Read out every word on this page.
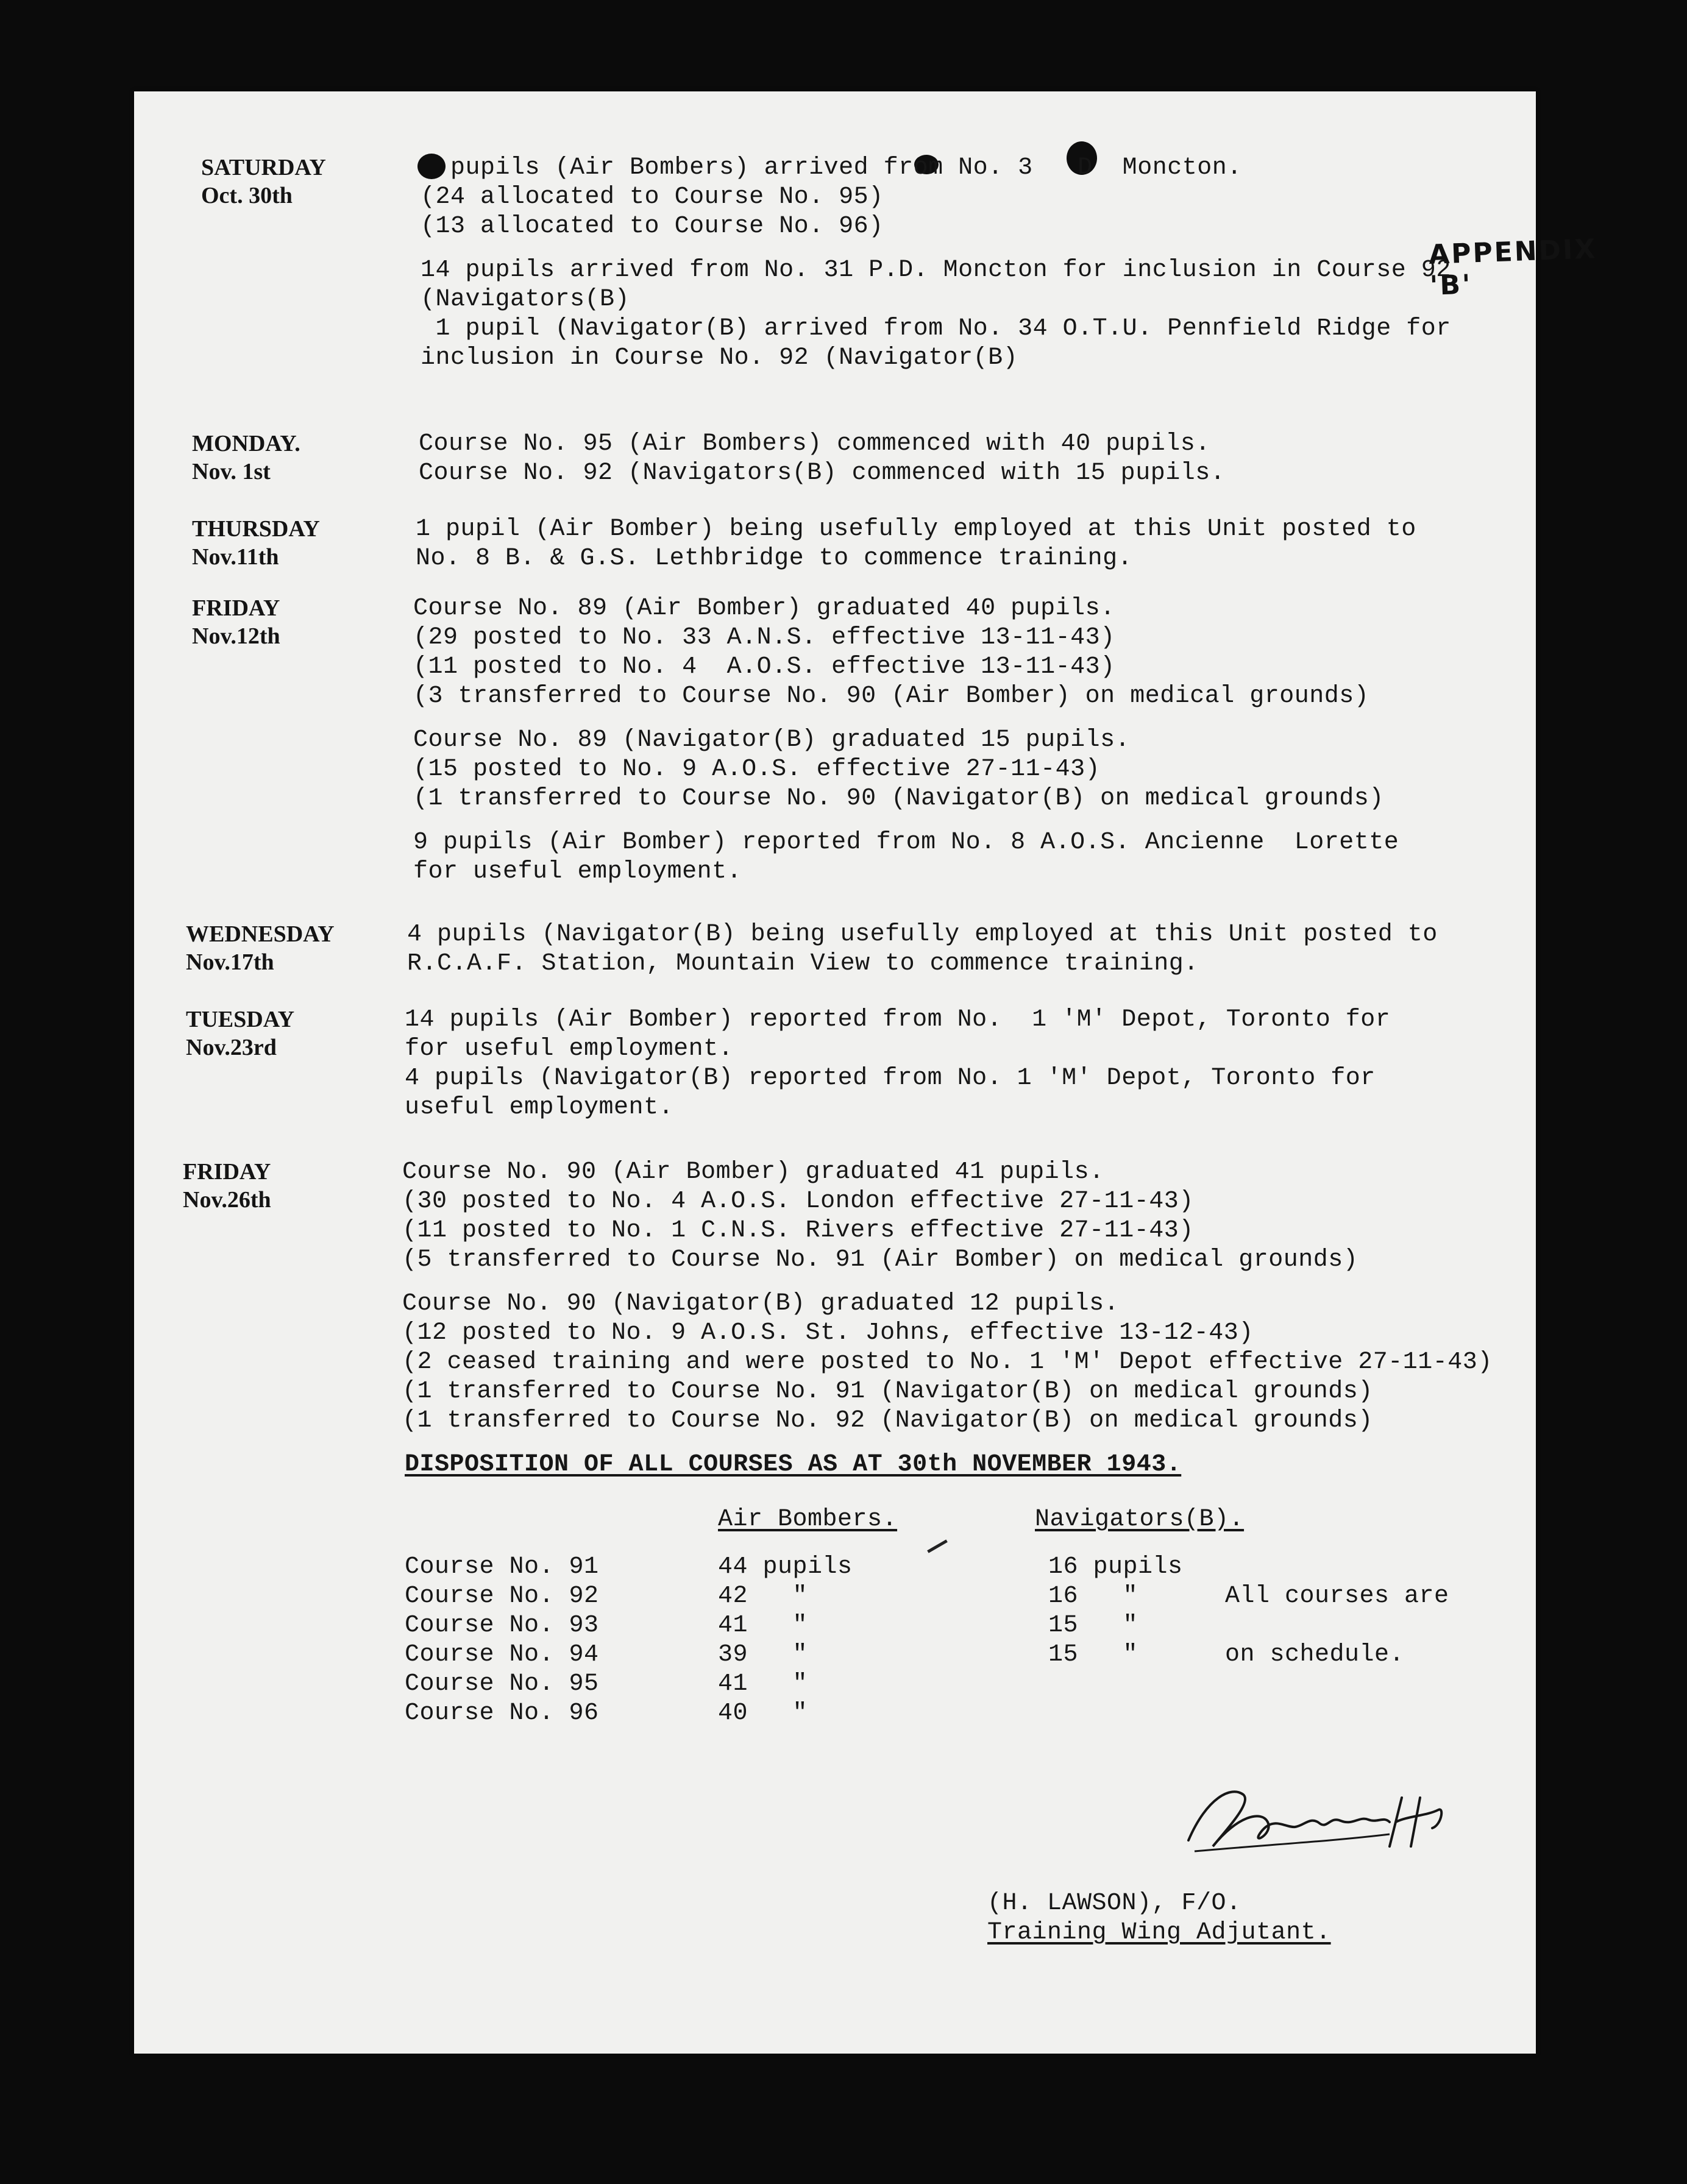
APPENDIX 'B'
SATURDAY
Oct. 30th
pupils (Air Bombers) arrived from No. 3   D  Moncton.
(24 allocated to Course No. 95)
(13 allocated to Course No. 96)
14 pupils arrived from No. 31 P.D. Moncton for inclusion in Course 92
(Navigators(B)
1 pupil (Navigator(B) arrived from No. 34 O.T.U. Pennfield Ridge for
inclusion in Course No. 92 (Navigator(B)
MONDAY.
Nov. 1st
Course No. 95 (Air Bombers) commenced with 40 pupils.
Course No. 92 (Navigators(B) commenced with 15 pupils.
THURSDAY
Nov.11th
1 pupil (Air Bomber) being usefully employed at this Unit posted to
No. 8 B. & G.S. Lethbridge to commence training.
FRIDAY
Nov.12th
Course No. 89 (Air Bomber) graduated 40 pupils.
(29 posted to No. 33 A.N.S. effective 13-11-43)
(11 posted to No. 4  A.O.S. effective 13-11-43)
(3 transferred to Course No. 90 (Air Bomber) on medical grounds)
Course No. 89 (Navigator(B) graduated 15 pupils.
(15 posted to No. 9 A.O.S. effective 27-11-43)
(1 transferred to Course No. 90 (Navigator(B) on medical grounds)
9 pupils (Air Bomber) reported from No. 8 A.O.S. Ancienne  Lorette
for useful employment.
WEDNESDAY
Nov.17th
4 pupils (Navigator(B) being usefully employed at this Unit posted to
R.C.A.F. Station, Mountain View to commence training.
TUESDAY
Nov.23rd
14 pupils (Air Bomber) reported from No.  1 'M' Depot, Toronto for
for useful employment.
4 pupils (Navigator(B) reported from No. 1 'M' Depot, Toronto for
useful employment.
FRIDAY
Nov.26th
Course No. 90 (Air Bomber) graduated 41 pupils.
(30 posted to No. 4 A.O.S. London effective 27-11-43)
(11 posted to No. 1 C.N.S. Rivers effective 27-11-43)
(5 transferred to Course No. 91 (Air Bomber) on medical grounds)
Course No. 90 (Navigator(B) graduated 12 pupils.
(12 posted to No. 9 A.O.S. St. Johns, effective 13-12-43)
(2 ceased training and were posted to No. 1 'M' Depot effective 27-11-43)
(1 transferred to Course No. 91 (Navigator(B) on medical grounds)
(1 transferred to Course No. 92 (Navigator(B) on medical grounds)
DISPOSITION OF ALL COURSES AS AT 30th NOVEMBER 1943.
Air Bombers.	Navigators(B).
Course No. 91	44 pupils	16 pupils
Course No. 92	42   "	16   "	All courses are
Course No. 93	41   "	15   "
Course No. 94	39   "	15   "	on schedule.
Course No. 95	41   "
Course No. 96	40   "
(H. LAWSON), F/O.
Training Wing Adjutant.
